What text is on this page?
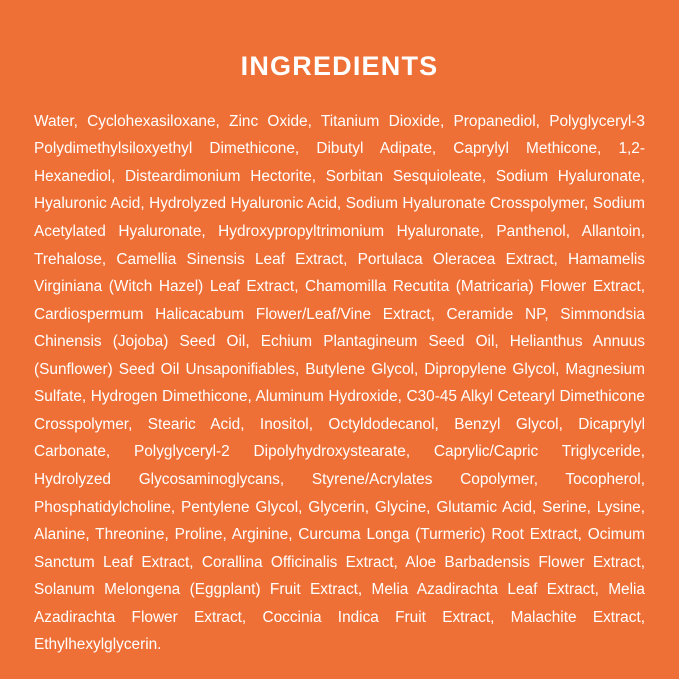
INGREDIENTS

Water, Cyclohexasiloxane, Zinc Oxide, Titanium Dioxide, Propanediol, Polyglyceryl-3 Polydimethylsiloxyethyl Dimethicone, Dibutyl Adipate, Caprylyl Methicone, 1,2-Hexanediol, Disteardimonium Hectorite, Sorbitan Sesquioleate, Sodium Hyaluronate, Hyaluronic Acid, Hydrolyzed Hyaluronic Acid, Sodium Hyaluronate Crosspolymer, Sodium Acetylated Hyaluronate, Hydroxypropyltrimonium Hyaluronate, Panthenol, Allantoin, Trehalose, Camellia Sinensis Leaf Extract, Portulaca Oleracea Extract, Hamamelis Virginiana (Witch Hazel) Leaf Extract, Chamomilla Recutita (Matricaria) Flower Extract, Cardiospermum Halicacabum Flower/Leaf/Vine Extract, Ceramide NP, Simmondsia Chinensis (Jojoba) Seed Oil, Echium Plantagineum Seed Oil, Helianthus Annuus (Sunflower) Seed Oil Unsaponifiables, Butylene Glycol, Dipropylene Glycol, Magnesium Sulfate, Hydrogen Dimethicone, Aluminum Hydroxide, C30-45 Alkyl Cetearyl Dimethicone Crosspolymer, Stearic Acid, Inositol, Octyldodecanol, Benzyl Glycol, Dicaprylyl Carbonate, Polyglyceryl-2 Dipolyhydroxystearate, Caprylic/Capric Triglyceride, Hydrolyzed Glycosaminoglycans, Styrene/Acrylates Copolymer, Tocopherol, Phosphatidylcholine, Pentylene Glycol, Glycerin, Glycine, Glutamic Acid, Serine, Lysine, Alanine, Threonine, Proline, Arginine, Curcuma Longa (Turmeric) Root Extract, Ocimum Sanctum Leaf Extract, Corallina Officinalis Extract, Aloe Barbadensis Flower Extract, Solanum Melongena (Eggplant) Fruit Extract, Melia Azadirachta Leaf Extract, Melia Azadirachta Flower Extract, Coccinia Indica Fruit Extract, Malachite Extract, Ethylhexylglycerin.
